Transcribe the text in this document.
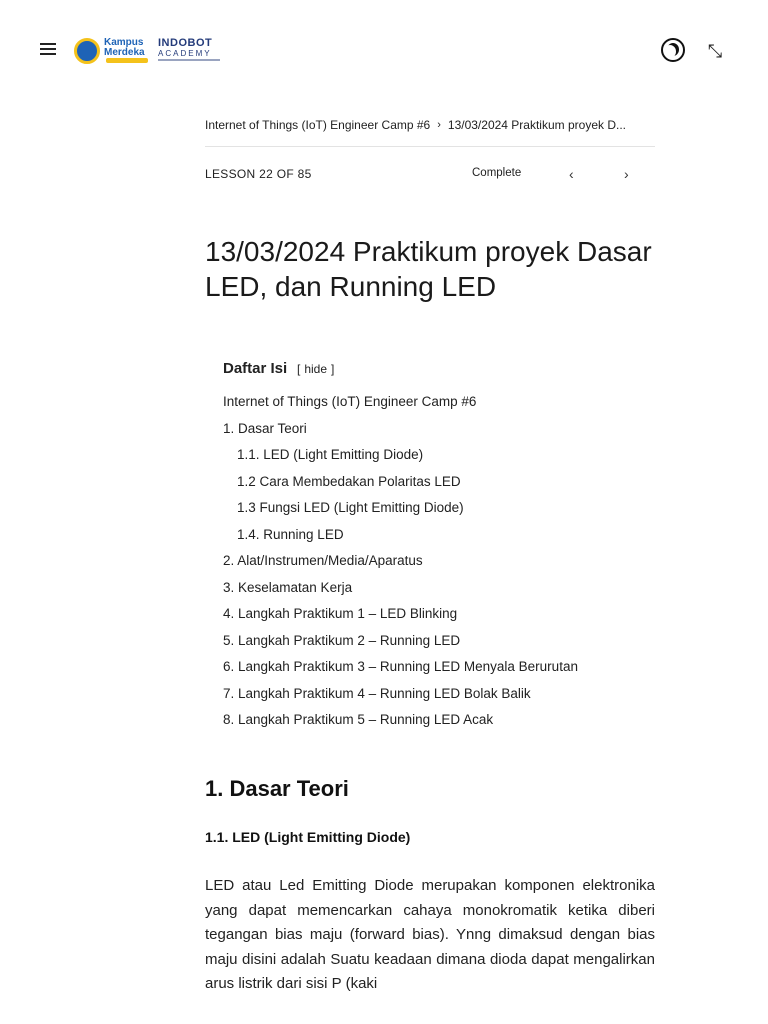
Kampus
Merdeka
INDOBOT
ACADEMY	⤡
Internet of Things (IoT) Engineer Camp #6 › 13/03/2024 Praktikum proyek D...
LESSON 22 OF 85	Complete	‹	›
13/03/2024 Praktikum proyek Dasar LED, dan Running LED
Daftar Isi [ hide ]
Internet of Things (IoT) Engineer Camp #6
1. Dasar Teori
1.1. LED (Light Emitting Diode)
1.2 Cara Membedakan Polaritas LED
1.3 Fungsi LED (Light Emitting Diode)
1.4. Running LED
2. Alat/Instrumen/Media/Aparatus
3. Keselamatan Kerja
4. Langkah Praktikum 1 – LED Blinking
5. Langkah Praktikum 2 – Running LED
6. Langkah Praktikum 3 – Running LED Menyala Berurutan
7. Langkah Praktikum 4 – Running LED Bolak Balik
8. Langkah Praktikum 5 – Running LED Acak
1. Dasar Teori
1.1. LED (Light Emitting Diode)

LED atau Led Emitting Diode merupakan komponen elektronika yang dapat memencarkan cahaya monokromatik ketika diberi tegangan bias maju (forward bias). Ynng dimaksud dengan bias maju disini adalah Suatu keadaan dimana dioda dapat mengalirkan arus listrik dari sisi P (kaki
